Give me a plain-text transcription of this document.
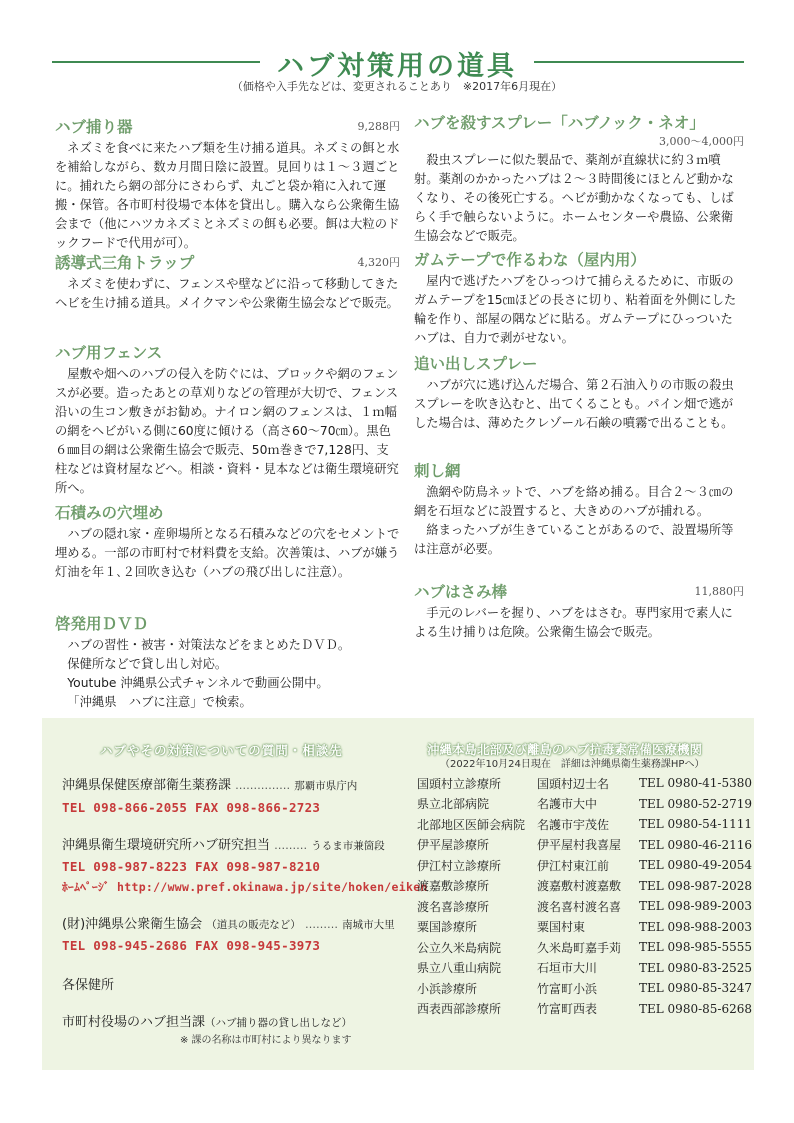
ハブ対策用の道具
（価格や入手先などは、変更されることあり　※2017年6月現在）
ハブ捕り器	9,288円

ネズミを食べに来たハブ類を生け捕る道具。ネズミの餌と水を補給しながら、数カ月間日陰に設置。見回りは１～３週ごとに。捕れたら網の部分にさわらず、丸ごと袋か箱に入れて運搬・保管。各市町村役場で本体を貸出し。購入なら公衆衛生協会まで（他にハツカネズミとネズミの餌も必要。餌は大粒のドックフードで代用が可）。

誘導式三角トラップ	4,320円

ネズミを使わずに、フェンスや壁などに沿って移動してきたヘビを生け捕る道具。メイクマンや公衆衛生協会などで販売。

ハブ用フェンス

屋敷や畑へのハブの侵入を防ぐには、ブロックや網のフェンスが必要。造ったあとの草刈りなどの管理が大切で、フェンス沿いの生コン敷きがお勧め。ナイロン網のフェンスは、１ｍ幅の網をヘビがいる側に60度に傾ける（高さ60～70㎝）。黒色６㎜目の網は公衆衛生協会で販売、50ｍ巻きで7,128円、支柱などは資材屋などへ。相談・資料・見本などは衛生環境研究所へ。

石積みの穴埋め

ハブの隠れ家・産卵場所となる石積みなどの穴をセメントで埋める。一部の市町村で材料費を支給。次善策は、ハブが嫌う灯油を年１､２回吹き込む（ハブの飛び出しに注意）。

啓発用ＤＶＤ

ハブの習性・被害・対策法などをまとめたＤＶＤ。

保健所などで貸し出し対応。

Youtube 沖縄県公式チャンネルで動画公開中。

「沖縄県　ハブに注意」で検索。

ハブを殺すスプレー「ハブノック・ネオ」
3,000～4,000円

殺虫スプレーに似た製品で、薬剤が直線状に約３ｍ噴射。薬剤のかかったハブは２～３時間後にほとんど動かなくなり、その後死亡する。ヘビが動かなくなっても、しばらく手で触らないように。ホームセンターや農協、公衆衛生協会などで販売。

ガムテープで作るわな（屋内用）

屋内で逃げたハブをひっつけて捕らえるために、市販のガムテープを15㎝ほどの長さに切り、粘着面を外側にした輪を作り、部屋の隅などに貼る。ガムテープにひっついたハブは、自力で剥がせない。

追い出しスプレー

ハブが穴に逃げ込んだ場合、第２石油入りの市販の殺虫スプレーを吹き込むと、出てくることも。パイン畑で逃がした場合は、薄めたクレゾール石鹸の噴霧で出ることも。

刺し網

漁網や防鳥ネットで、ハブを絡め捕る。目合２～３㎝の網を石垣などに設置すると、大きめのハブが捕れる。

絡まったハブが生きていることがあるので、設置場所等は注意が必要。

ハブはさみ棒	11,880円

手元のレバーを握り、ハブをはさむ。専門家用で素人による生け捕りは危険。公衆衛生協会で販売。

ハブやその対策についての質問・相談先
沖縄県保健医療部衛生薬務課 …………… 那覇市県庁内
TEL 098-866-2055 FAX 098-866-2723
沖縄県衛生環境研究所ハブ研究担当 ……… うるま市兼箇段
TEL 098-987-8223 FAX 098-987-8210
ﾎｰﾑﾍﾟｰｼﾞ http://www.pref.okinawa.jp/site/hoken/eiken
(財)沖縄県公衆衛生協会 （道具の販売など） ……… 南城市大里
TEL 098-945-2686 FAX 098-945-3973
各保健所
市町村役場のハブ担当課（ハブ捕り器の貸し出しなど）
※ 課の名称は市町村により異なります
沖縄本島北部及び離島のハブ抗毒素常備医療機関
（2022年10月24日現在　詳細は沖縄県衛生薬務課HPへ）
国頭村立診療所	国頭村辺士名	TEL 0980-41-5380
県立北部病院	名護市大中	TEL 0980-52-2719
北部地区医師会病院	名護市宇茂佐	TEL 0980-54-1111
伊平屋診療所	伊平屋村我喜屋	TEL 0980-46-2116
伊江村立診療所	伊江村東江前	TEL 0980-49-2054
渡嘉敷診療所	渡嘉敷村渡嘉敷	TEL 098-987-2028
渡名喜診療所	渡名喜村渡名喜	TEL 098-989-2003
粟国診療所	粟国村東	TEL 098-988-2003
公立久米島病院	久米島町嘉手苅	TEL 098-985-5555
県立八重山病院	石垣市大川	TEL 0980-83-2525
小浜診療所	竹富町小浜	TEL 0980-85-3247
西表西部診療所	竹富町西表	TEL 0980-85-6268
